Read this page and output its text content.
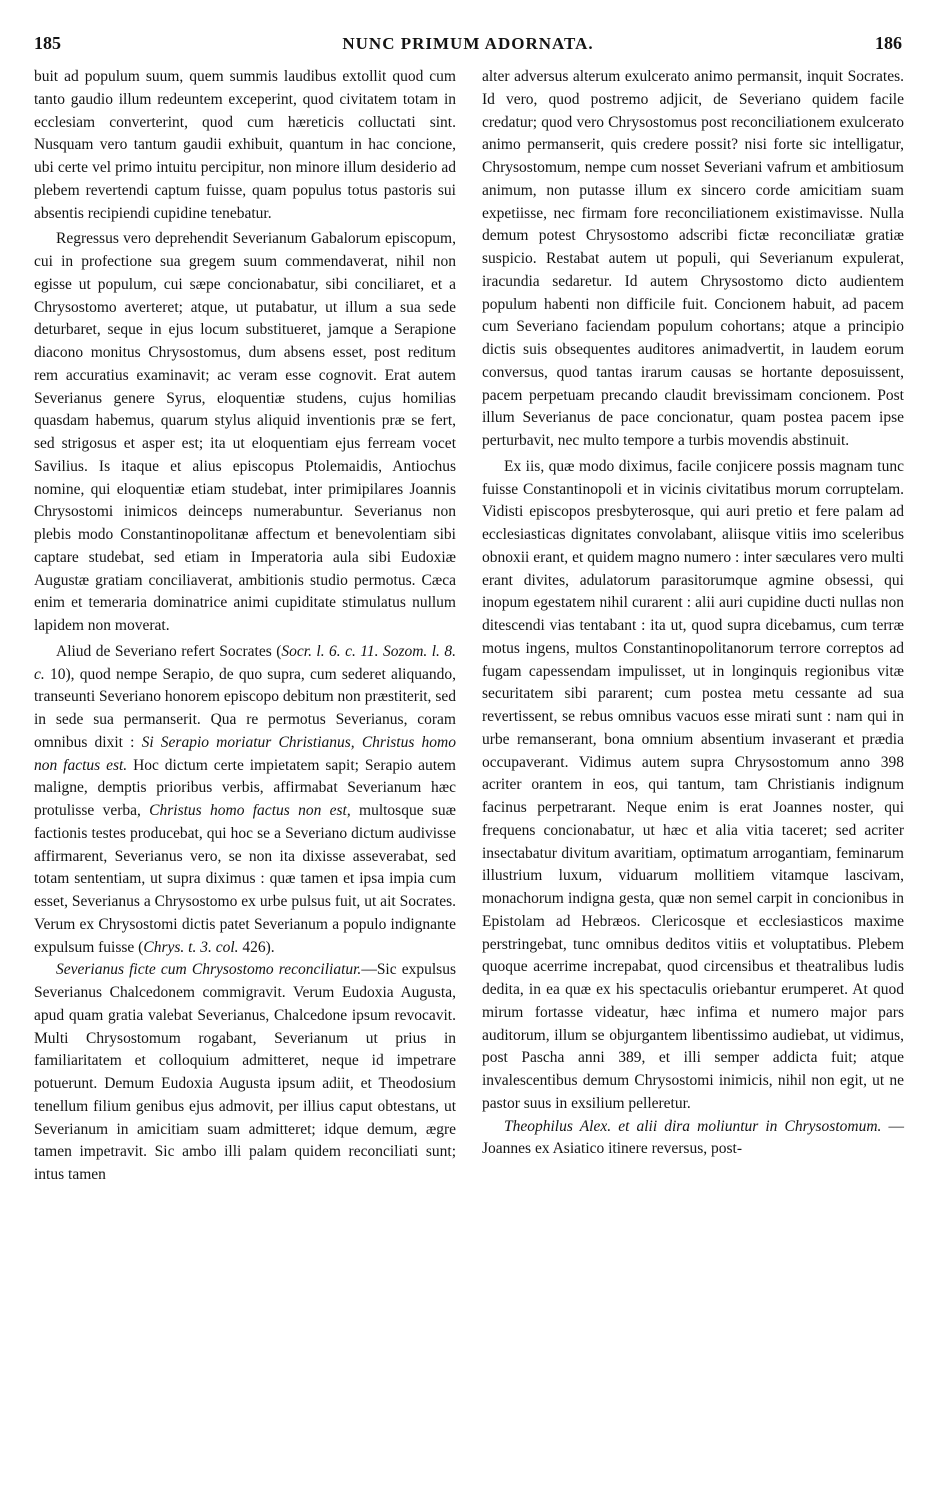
185	NUNC PRIMUM ADORNATA.	186

buit ad populum suum, quem summis laudibus extollit quod cum tanto gaudio illum redeuntem exceperint, quod civitatem totam in ecclesiam converterint, quod cum hæreticis colluctati sint. Nusquam vero tantum gaudii exhibuit, quantum in hac concione, ubi certe vel primo intuitu percipitur, non minore illum desiderio ad plebem revertendi captum fuisse, quam populus totus pastoris sui absentis recipiendi cupidine tenebatur.

Regressus vero deprehendit Severianum Gabalorum episcopum, cui in profectione sua gregem suum commendaverat, nihil non egisse ut populum, cui sæpe concionabatur, sibi conciliaret, et a Chrysostomo averteret; atque, ut putabatur, ut illum a sua sede deturbaret, seque in ejus locum substitueret, jamque a Serapione diacono monitus Chrysostomus, dum absens esset, post reditum rem accuratius examinavit; ac veram esse cognovit. Erat autem Severianus genere Syrus, eloquentiæ studens, cujus homilias quasdam habemus, quarum stylus aliquid inventionis præ se fert, sed strigosus et asper est; ita ut eloquentiam ejus ferream vocet Savilius. Is itaque et alius episcopus Ptolemaidis, Antiochus nomine, qui eloquentiæ etiam studebat, inter primipilares Joannis Chrysostomi inimicos deinceps numerabuntur. Severianus non plebis modo Constantinopolitanæ affectum et benevolentiam sibi captare studebat, sed etiam in Imperatoria aula sibi Eudoxiæ Augustæ gratiam conciliaverat, ambitionis studio permotus. Cæca enim et temeraria dominatrice animi cupiditate stimulatus nullum lapidem non moverat.

Aliud de Severiano refert Socrates (Socr. l. 6. c. 11. Sozom. l. 8. c. 10), quod nempe Serapio, de quo supra, cum sederet aliquando, transeunti Severiano honorem episcopo debitum non præstiterit, sed in sede sua permanserit. Qua re permotus Severianus, coram omnibus dixit : Si Serapio moriatur Christianus, Christus homo non factus est. Hoc dictum certe impietatem sapit; Serapio autem maligne, demptis prioribus verbis, affirmabat Severianum hæc protulisse verba, Christus homo factus non est, multosque suæ factionis testes producebat, qui hoc se a Severiano dictum audivisse affirmarent, Severianus vero, se non ita dixisse asseverabat, sed totam sententiam, ut supra diximus : quæ tamen et ipsa impia cum esset, Severianus a Chrysostomo ex urbe pulsus fuit, ut ait Socrates. Verum ex Chrysostomi dictis patet Severianum a populo indignante expulsum fuisse (Chrys. t. 3. col. 426).

Severianus ficte cum Chrysostomo reconciliatur.—Sic expulsus Severianus Chalcedonem commigravit. Verum Eudoxia Augusta, apud quam gratia valebat Severianus, Chalcedone ipsum revocavit. Multi Chrysostomum rogabant, Severianum ut prius in familiaritatem et colloquium admitteret, neque id impetrare potuerunt. Demum Eudoxia Augusta ipsum adiit, et Theodosium tenellum filium genibus ejus admovit, per illius caput obtestans, ut Severianum in amicitiam suam admitteret; idque demum, ægre tamen impetravit. Sic ambo illi palam quidem reconciliati sunt; intus tamen

alter adversus alterum exulcerato animo permansit, inquit Socrates. Id vero, quod postremo adjicit, de Severiano quidem facile credatur; quod vero Chrysostomus post reconciliationem exulcerato animo permanserit, quis credere possit? nisi forte sic intelligatur, Chrysostomum, nempe cum nosset Severiani vafrum et ambitiosum animum, non putasse illum ex sincero corde amicitiam suam expetiisse, nec firmam fore reconciliationem existimavisse. Nulla demum potest Chrysostomo adscribi fictæ reconciliatæ gratiæ suspicio. Restabat autem ut populi, qui Severianum expulerat, iracundia sedaretur. Id autem Chrysostomo dicto audientem populum habenti non difficile fuit. Concionem habuit, ad pacem cum Severiano faciendam populum cohortans; atque a principio dictis suis obsequentes auditores animadvertit, in laudem eorum conversus, quod tantas irarum causas se hortante deposuissent, pacem perpetuam precando claudit brevissimam concionem. Post illum Severianus de pace concionatur, quam postea pacem ipse perturbavit, nec multo tempore a turbis movendis abstinuit.

Ex iis, quæ modo diximus, facile conjicere possis magnam tunc fuisse Constantinopoli et in vicinis civitatibus morum corruptelam. Vidisti episcopos presbyterosque, qui auri pretio et fere palam ad ecclesiasticas dignitates convolabant, aliisque vitiis imo sceleribus obnoxii erant, et quidem magno numero : inter sæculares vero multi erant divites, adulatorum parasitorumque agmine obsessi, qui inopum egestatem nihil curarent : alii auri cupidine ducti nullas non ditescendi vias tentabant : ita ut, quod supra dicebamus, cum terræ motus ingens, multos Constantinopolitanorum terrore correptos ad fugam capessendam impulisset, ut in longinquis regionibus vitæ securitatem sibi pararent; cum postea metu cessante ad sua revertissent, se rebus omnibus vacuos esse mirati sunt : nam qui in urbe remanserant, bona omnium absentium invaserant et prædia occupaverant. Vidimus autem supra Chrysostomum anno 398 acriter orantem in eos, qui tantum, tam Christianis indignum facinus perpetrarant. Neque enim is erat Joannes noster, qui frequens concionabatur, ut hæc et alia vitia taceret; sed acriter insectabatur divitum avaritiam, optimatum arrogantiam, feminarum illustrium luxum, viduarum mollitiem vitamque lascivam, monachorum indigna gesta, quæ non semel carpit in concionibus in Epistolam ad Hebræos. Clericosque et ecclesiasticos maxime perstringebat, tunc omnibus deditos vitiis et voluptatibus. Plebem quoque acerrime increpabat, quod circensibus et theatralibus ludis dedita, in ea quæ ex his spectaculis oriebantur erumperet. At quod mirum fortasse videatur, hæc infima et numero major pars auditorum, illum se objurgantem libentissimo audiebat, ut vidimus, post Pascha anni 389, et illi semper addicta fuit; atque invalescentibus demum Chrysostomi inimicis, nihil non egit, ut ne pastor suus in exsilium pelleretur.

Theophilus Alex. et alii dira moliuntur in Chrysostomum. — Joannes ex Asiatico itinere reversus, post-
